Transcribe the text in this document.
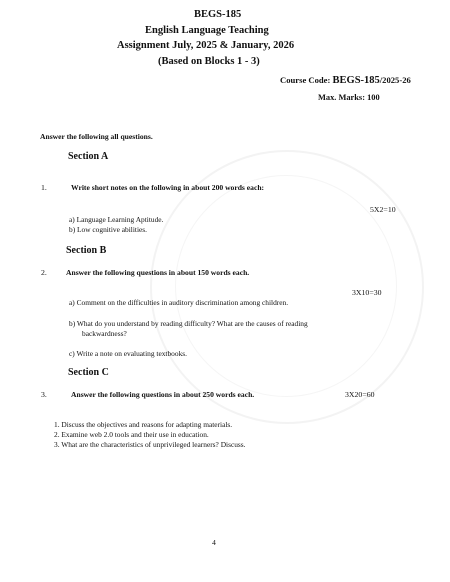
BEGS-185
English Language Teaching
Assignment July, 2025 & January, 2026
(Based on Blocks 1 - 3)
Course Code: BEGS-185/2025-26
Max. Marks: 100
Answer the following all questions.
Section A
1.	Write short notes on the following in about 200 words each:
5X2=10
a) Language Learning Aptitude.
b) Low cognitive abilities.
Section B
2.	Answer the following questions in about 150 words each.
3X10=30
a) Comment on the difficulties in auditory discrimination among children.
b) What do you understand by reading difficulty? What are the causes of reading
backwardness?
c) Write a note on evaluating textbooks.
Section C
3.	Answer the following questions in about 250 words each.	3X20=60
1. Discuss the objectives and reasons for adapting materials.
2. Examine web 2.0 tools and their use in education.
3. What are the characteristics of unprivileged learners? Discuss.
4
